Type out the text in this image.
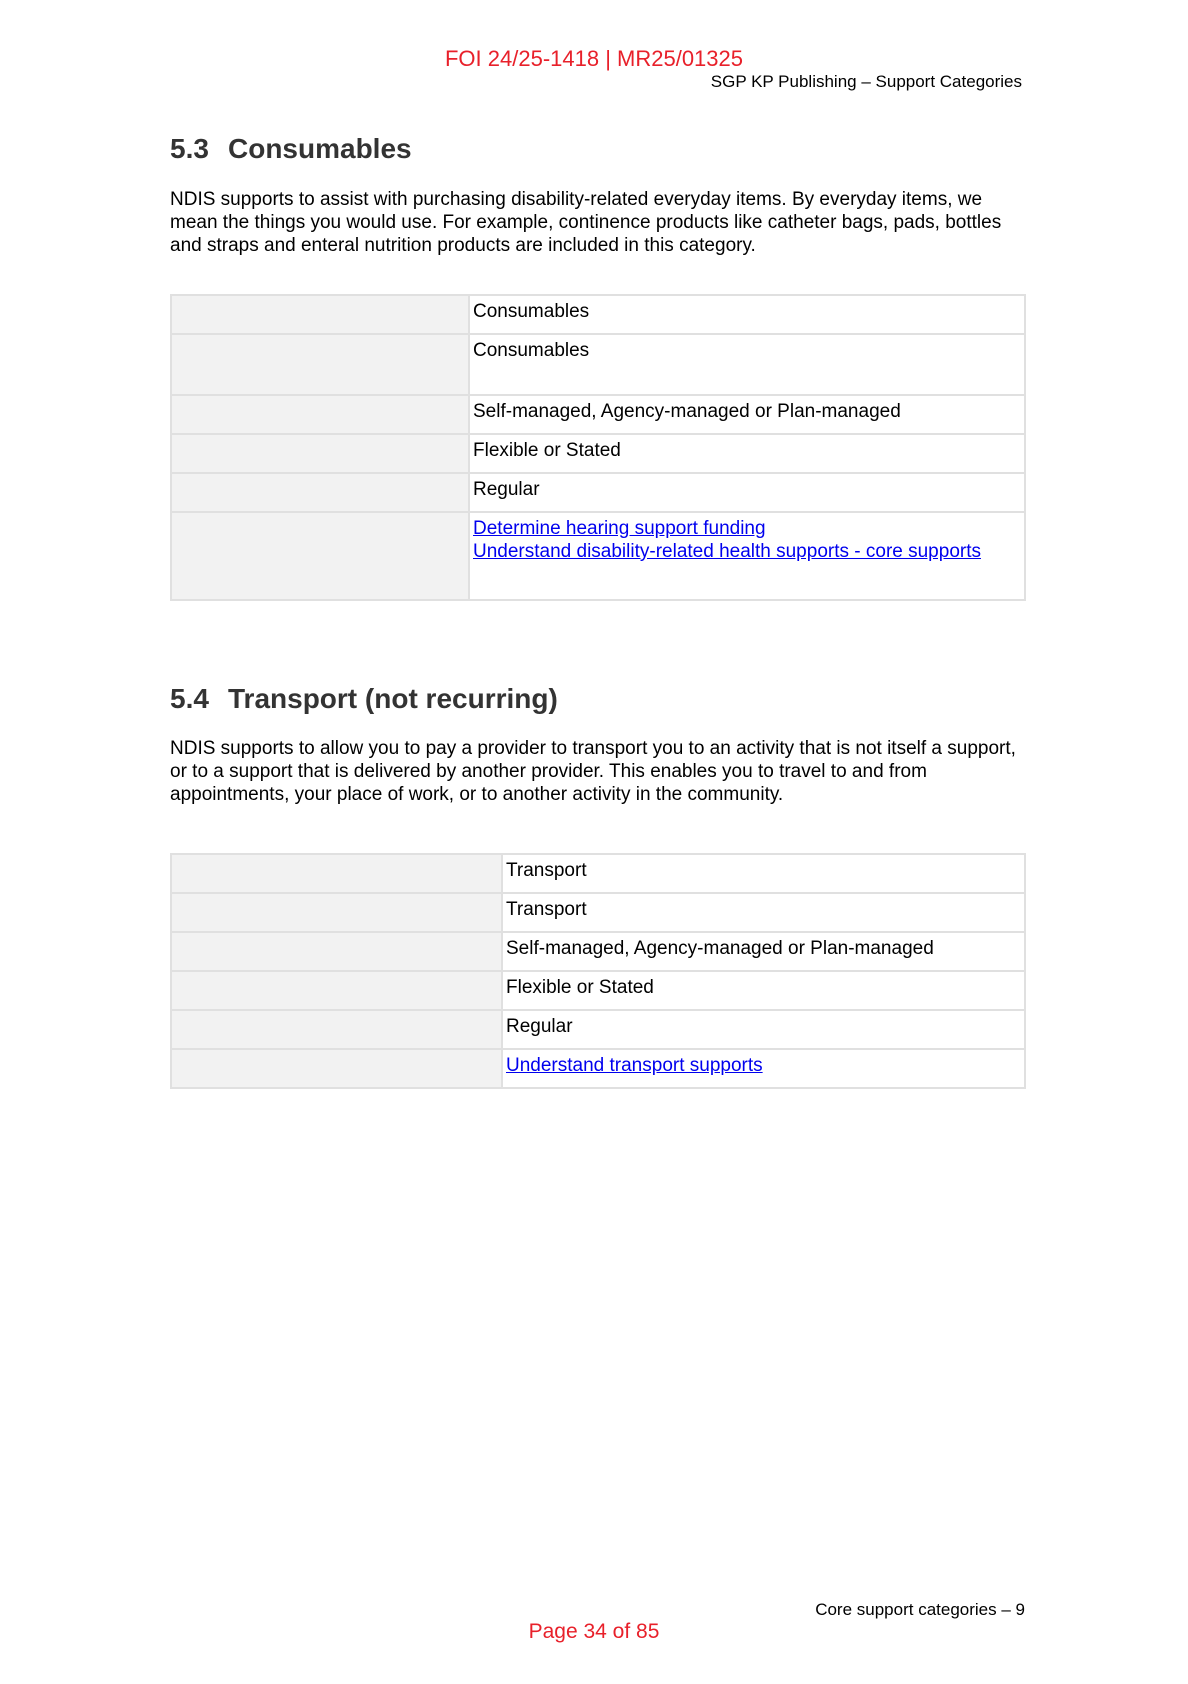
FOI 24/25-1418 | MR25/01325
SGP KP Publishing – Support Categories
5.3 Consumables

NDIS supports to assist with purchasing disability-related everyday items. By everyday items, we mean the things you would use. For example, continence products like catheter bags, pads, bottles and straps and enteral nutrition products are included in this category.

	Consumables
	Consumables
	Self-managed, Agency-managed or Plan-managed
	Flexible or Stated
	Regular
	Determine hearing support funding
Understand disability-related health supports - core supports
5.4 Transport (not recurring)

NDIS supports to allow you to pay a provider to transport you to an activity that is not itself a support, or to a support that is delivered by another provider. This enables you to travel to and from appointments, your place of work, or to another activity in the community.

	Transport
	Transport
	Self-managed, Agency-managed or Plan-managed
	Flexible or Stated
	Regular
	Understand transport supports
Core support categories – 9
Page 34 of 85
